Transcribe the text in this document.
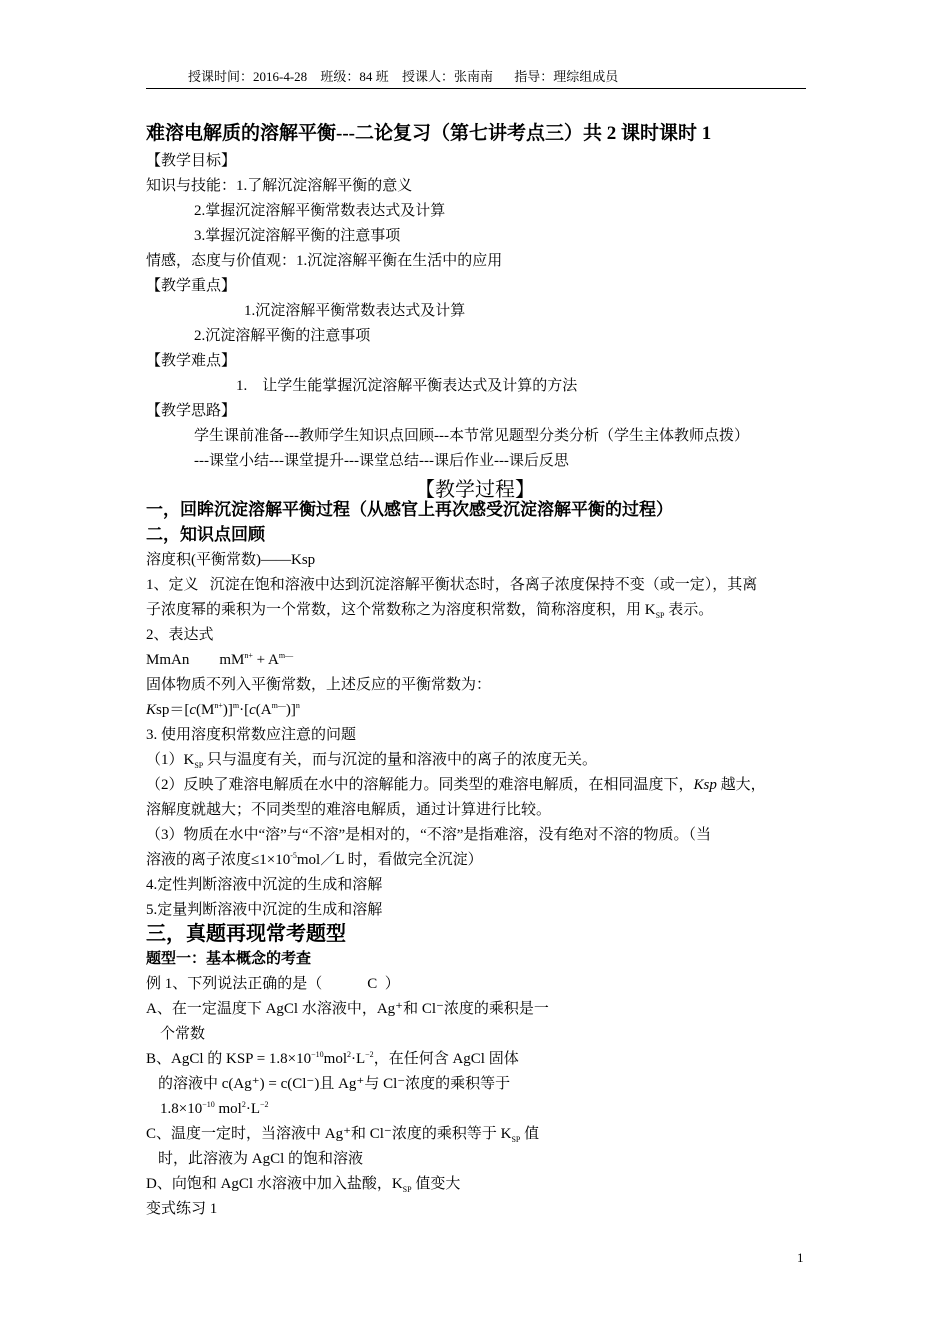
授课时间：2016-4-28 班级：84 班 授课人：张南南 指导：理综组成员
难溶电解质的溶解平衡---二论复习（第七讲考点三）共 2 课时课时 1
【教学目标】
知识与技能：1.了解沉淀溶解平衡的意义
2.掌握沉淀溶解平衡常数表达式及计算
3.掌握沉淀溶解平衡的注意事项
情感，态度与价值观：1.沉淀溶解平衡在生活中的应用
【教学重点】
1.沉淀溶解平衡常数表达式及计算
2.沉淀溶解平衡的注意事项
【教学难点】
1.    让学生能掌握沉淀溶解平衡表达式及计算的方法
【教学思路】
学生课前准备---教师学生知识点回顾---本节常见题型分类分析（学生主体教师点拨）
---课堂小结---课堂提升---课堂总结---课后作业---课后反思
【教学过程】
一，回眸沉淀溶解平衡过程（从感官上再次感受沉淀溶解平衡的过程）
二，知识点回顾
溶度积(平衡常数)——Ksp
1、定义   沉淀在饱和溶液中达到沉淀溶解平衡状态时，各离子浓度保持不变（或一定），其离
子浓度幂的乘积为一个常数，这个常数称之为溶度积常数，简称溶度积，用 $K_{SP}$ 表示。
2、表达式
MmAn $mM^{n+} + A^{m—}$
固体物质不列入平衡常数，上述反应的平衡常数为：
$Ksp=[c(M^{n+})]^m\cdot[c(A^{m—})]^n$
3. 使用溶度积常数应注意的问题
$(1)K_{SP}$ 只与温度有关，而与沉淀的量和溶液中的离子的浓度无关。
（2）反映了难溶电解质在水中的溶解能力。同类型的难溶电解质，在相同温度下，Ksp 越大，
溶解度就越大；不同类型的难溶电解质，通过计算进行比较。
（3）物质在水中“溶”与“不溶”是相对的，“不溶”是指难溶，没有绝对不溶的物质。（当
溶液的离子浓度$\le 1\times 10^{-5}mol/L$ 时，看做完全沉淀）
4.定性判断溶液中沉淀的生成和溶解
5.定量判断溶液中沉淀的生成和溶解
三，真题再现常考题型
题型一：基本概念的考查
例 1、下列说法正确的是（            C  ）
A、在一定温度下 AgCl 水溶液中，Ag⁺和 Cl⁻浓度的乘积是一
个常数
B、AgCl 的 KSP = $1.8\times 10^{-10}mol^2\cdot L^{-2}$，在任何含 AgCl 固体
的溶液中 c(Ag⁺) = c(Cl⁻)且 Ag⁺与 Cl⁻浓度的乘积等于
$1.8\times 10^{-10}$ $mol^2\cdot L^{-2}$
C、温度一定时，当溶液中 Ag⁺和 Cl⁻浓度的乘积等于 $K_{SP}$ 值
时，此溶液为 AgCl 的饱和溶液
D、向饱和 AgCl 水溶液中加入盐酸，$K_{SP}$ 值变大
变式练习 1
1
